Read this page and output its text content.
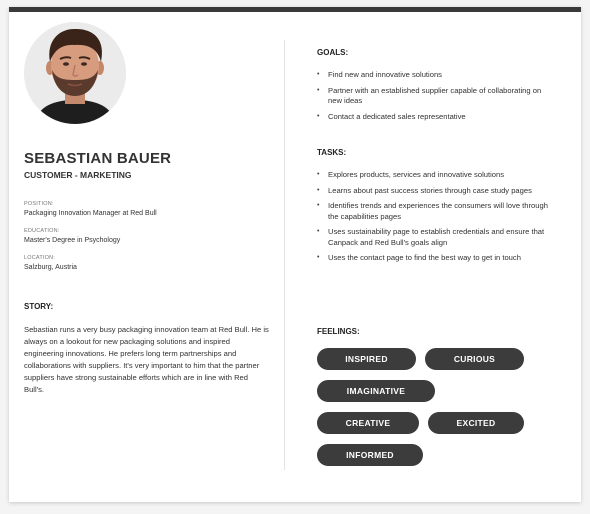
SEBASTIAN BAUER
CUSTOMER - MARKETING
POSITION:
Packaging Innovation Manager at Red Bull
EDUCATION:
Master's Degree in Psychology
LOCATION:
Salzburg, Austria
STORY:

Sebastian runs a very busy packaging innovation team at Red Bull. He is always on a lookout for new packaging solutions and inspired engineering innovations. He prefers long term partnerships and collaborations with suppliers. It's very important to him that the partner suppliers have strong sustainable efforts which are in line with Red Bull's.

GOALS:
• Find new and innovative solutions
• Partner with an established supplier capable of collaborating on new ideas
• Contact a dedicated sales representative
TASKS:
• Explores products, services and innovative solutions
• Learns about past success stories through case study pages
• Identifies trends and experiences the consumers will love through the capabilities pages
• Uses sustainability page to establish credentials and ensure that Canpack and Red Bull's goals align
• Uses the contact page to find the best way to get in touch
FEELINGS:
INSPIRED	CURIOUS
IMAGINATIVE
CREATIVE	EXCITED
INFORMED
